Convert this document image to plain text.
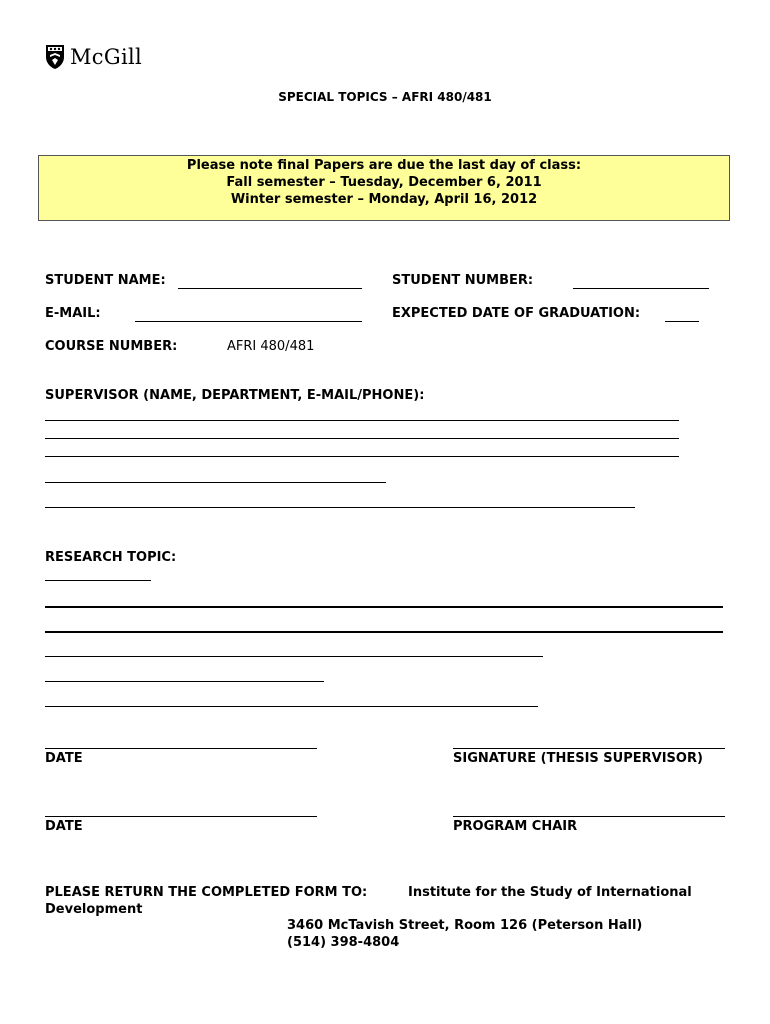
McGill
SPECIAL TOPICS – AFRI 480/481
Please note final Papers are due the last day of class:
Fall semester – Tuesday, December 6, 2011
Winter semester – Monday, April 16, 2012
STUDENT NAME:	STUDENT NUMBER:
E-MAIL:	EXPECTED DATE OF GRADUATION:
COURSE NUMBER:	AFRI 480/481
SUPERVISOR (NAME, DEPARTMENT, E-MAIL/PHONE):
RESEARCH TOPIC:
DATE	SIGNATURE (THESIS SUPERVISOR)
DATE	PROGRAM CHAIR
PLEASE RETURN THE COMPLETED FORM TO:	Institute for the Study of International
Development
3460 McTavish Street, Room 126 (Peterson Hall)
(514) 398-4804
